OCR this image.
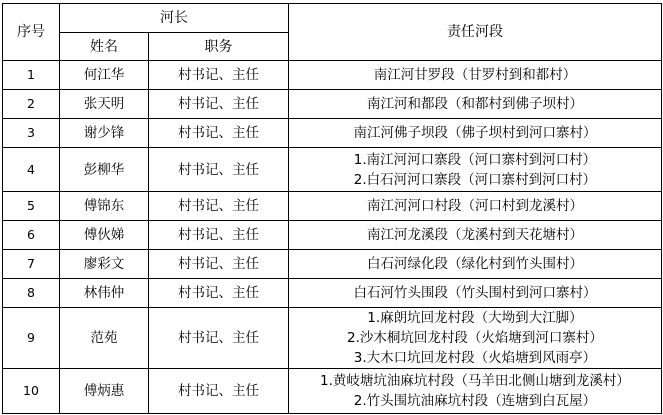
序号	河长		责任河段
	姓名	职务	
1	何江华	村书记、主任	南江河甘罗段（甘罗村到和都村）

2	张天明	村书记、主任	南江河和都段（和都村到佛子坝村）

3	谢少锋	村书记、主任	南江河佛子坝段（佛子坝村到河口寨村）

4	彭柳华	村书记、主任	1.南江河河口寨段（河口寨村到河口村）
2.白石河河口寨段（河口寨村到河口村）

5	傅锦东	村书记、主任	南江河河口村段（河口村到龙溪村）

6	傅伙娣	村书记、主任	南江河龙溪段（龙溪村到天花塘村）

7	廖彩文	村书记、主任	白石河绿化段（绿化村到竹头围村）

8	林伟仲	村书记、主任	白石河竹头围段（竹头围村到河口寨村）

9	范苑	村书记、主任	1.麻朗坑回龙村段（大坳到大江脚）
2.沙木桐坑回龙村段（火焰塘到河口寨村）
3.大木口坑回龙村段（火焰塘到风雨亭）

10	傅炳惠	村书记、主任	1.黄岐塘坑油麻坑村段（马羊田北侧山塘到龙溪村）
2.竹头围坑油麻坑村段（连塘到白瓦屋）
